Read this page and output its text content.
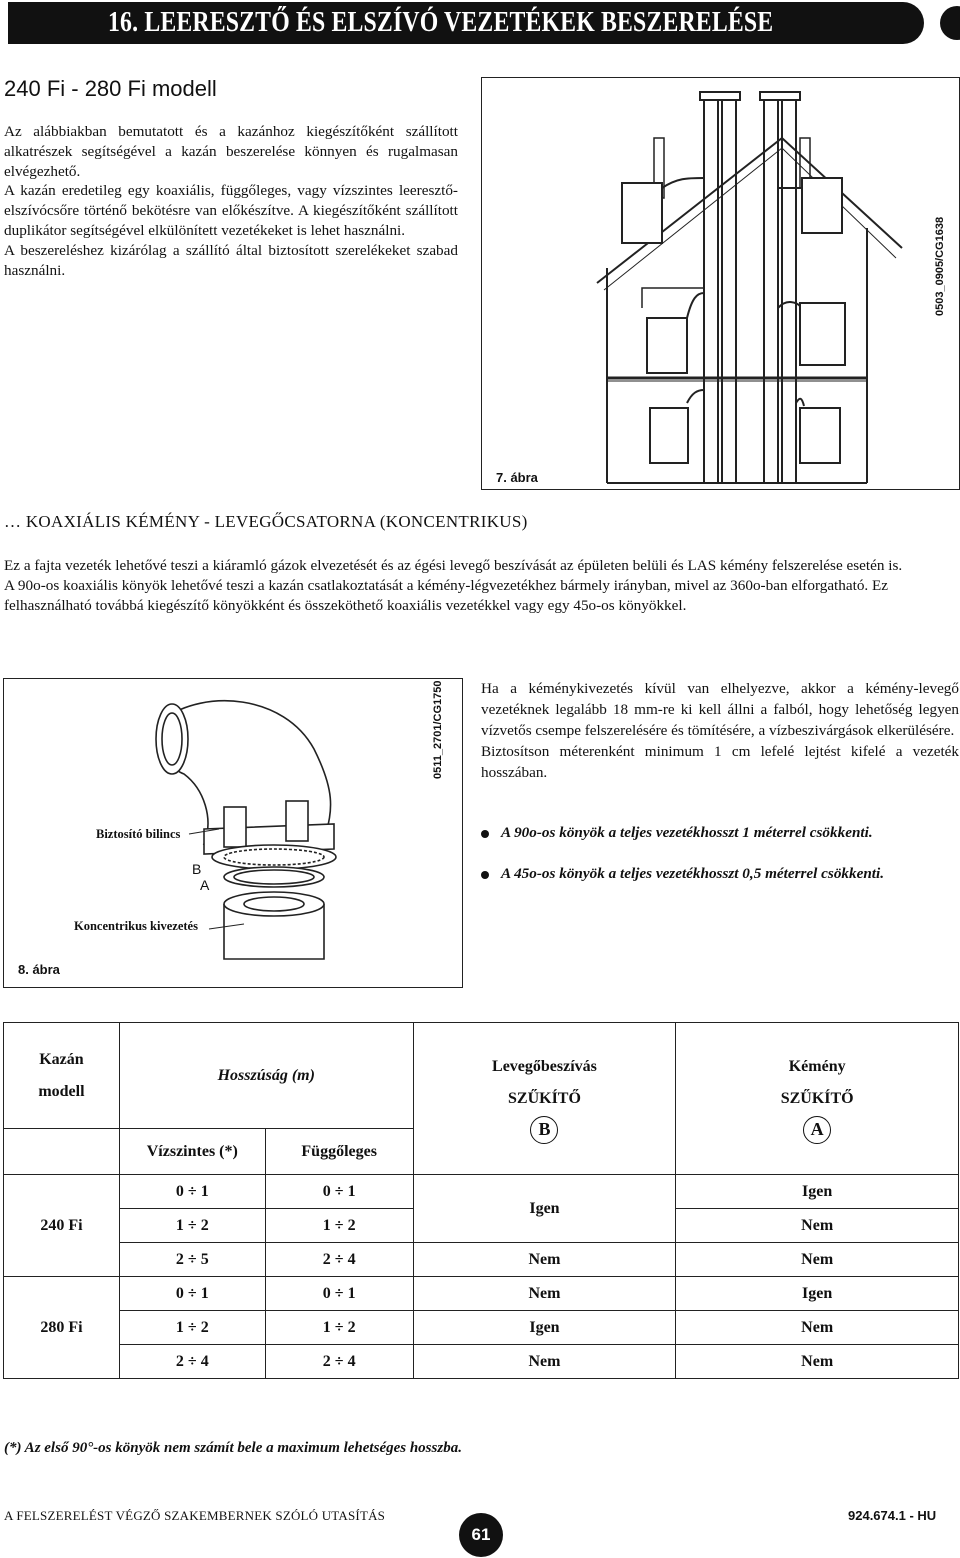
16. LEERESZTŐ ÉS ELSZÍVÓ VEZETÉKEK BESZERELÉSE
240 Fi - 280 Fi modell

Az alábbiakban bemutatott és a kazánhoz kiegészítőként szállított alkatrészek segítségével a kazán beszerelése könnyen és rugalmasan elvégezhető.

A kazán eredetileg egy koaxiális, függőleges, vagy vízszintes leeresztő-elszívócsőre történő bekötésre van előkészítve. A kiegészítőként szállított duplikátor segítségével elkülönített vezetékeket is lehet használni.

A beszereléshez kizárólag a szállító által biztosított szerelékeket szabad használni.	0503_0905/CG1638
7. ábra
… KOAXIÁLIS KÉMÉNY - LEVEGŐCSATORNA (KONCENTRIKUS)

Ez a fajta vezeték lehetővé teszi a kiáramló gázok elvezetését és az égési levegő beszívását az épületen belüli és LAS kémény felszerelése esetén is.

A 90o-os koaxiális könyök lehetővé teszi a kazán csatlakoztatását a kémény-légvezetékhez bármely irányban, mivel az 360o-ban elforgatható. Ez felhasználható továbbá kiegészítő könyökként és összeköthető koaxiális vezetékkel vagy egy 45o-os könyökkel.

0511_2701/CG1750
Biztosító bilincs
B
A
Koncentrikus kivezetés
8. ábra

Ha a kéménykivezetés kívül van elhelyezve, akkor a kémény-levegő vezetéknek legalább 18 mm-re ki kell állni a falból, hogy lehetőség legyen vízvetős csempe felszerelésére és tömítésére, a vízbeszivárgások elkerülésére.

Biztosítson méterenként minimum 1 cm lefelé lejtést kifelé a vezeték hosszában.

A 90o-os könyök a teljes vezetékhosszt 1 méterrel csökkenti.
A 45o-os könyök a teljes vezetékhosszt 0,5 méterrel csökkenti.
Kazán
modell	Hosszúság (m)		Levegőbeszívás
SZŰKÍTŐ
B	Kémény
SZŰKÍTŐ
A

	Vízszintes (*)	Függőleges		
240 Fi	0 ÷ 1	0 ÷ 1	Igen	Igen
	1 ÷ 2	1 ÷ 2		Nem
	2 ÷ 5	2 ÷ 4	Nem	Nem
280 Fi	0 ÷ 1	0 ÷ 1	Nem	Igen
	1 ÷ 2	1 ÷ 2	Igen	Nem
	2 ÷ 4	2 ÷ 4	Nem	Nem
(*) Az első 90°-os könyök nem számít bele a maximum lehetséges hosszba.
A FELSZERELÉST VÉGZŐ SZAKEMBERNEK SZÓLÓ UTASÍTÁS
61
924.674.1 - HU
